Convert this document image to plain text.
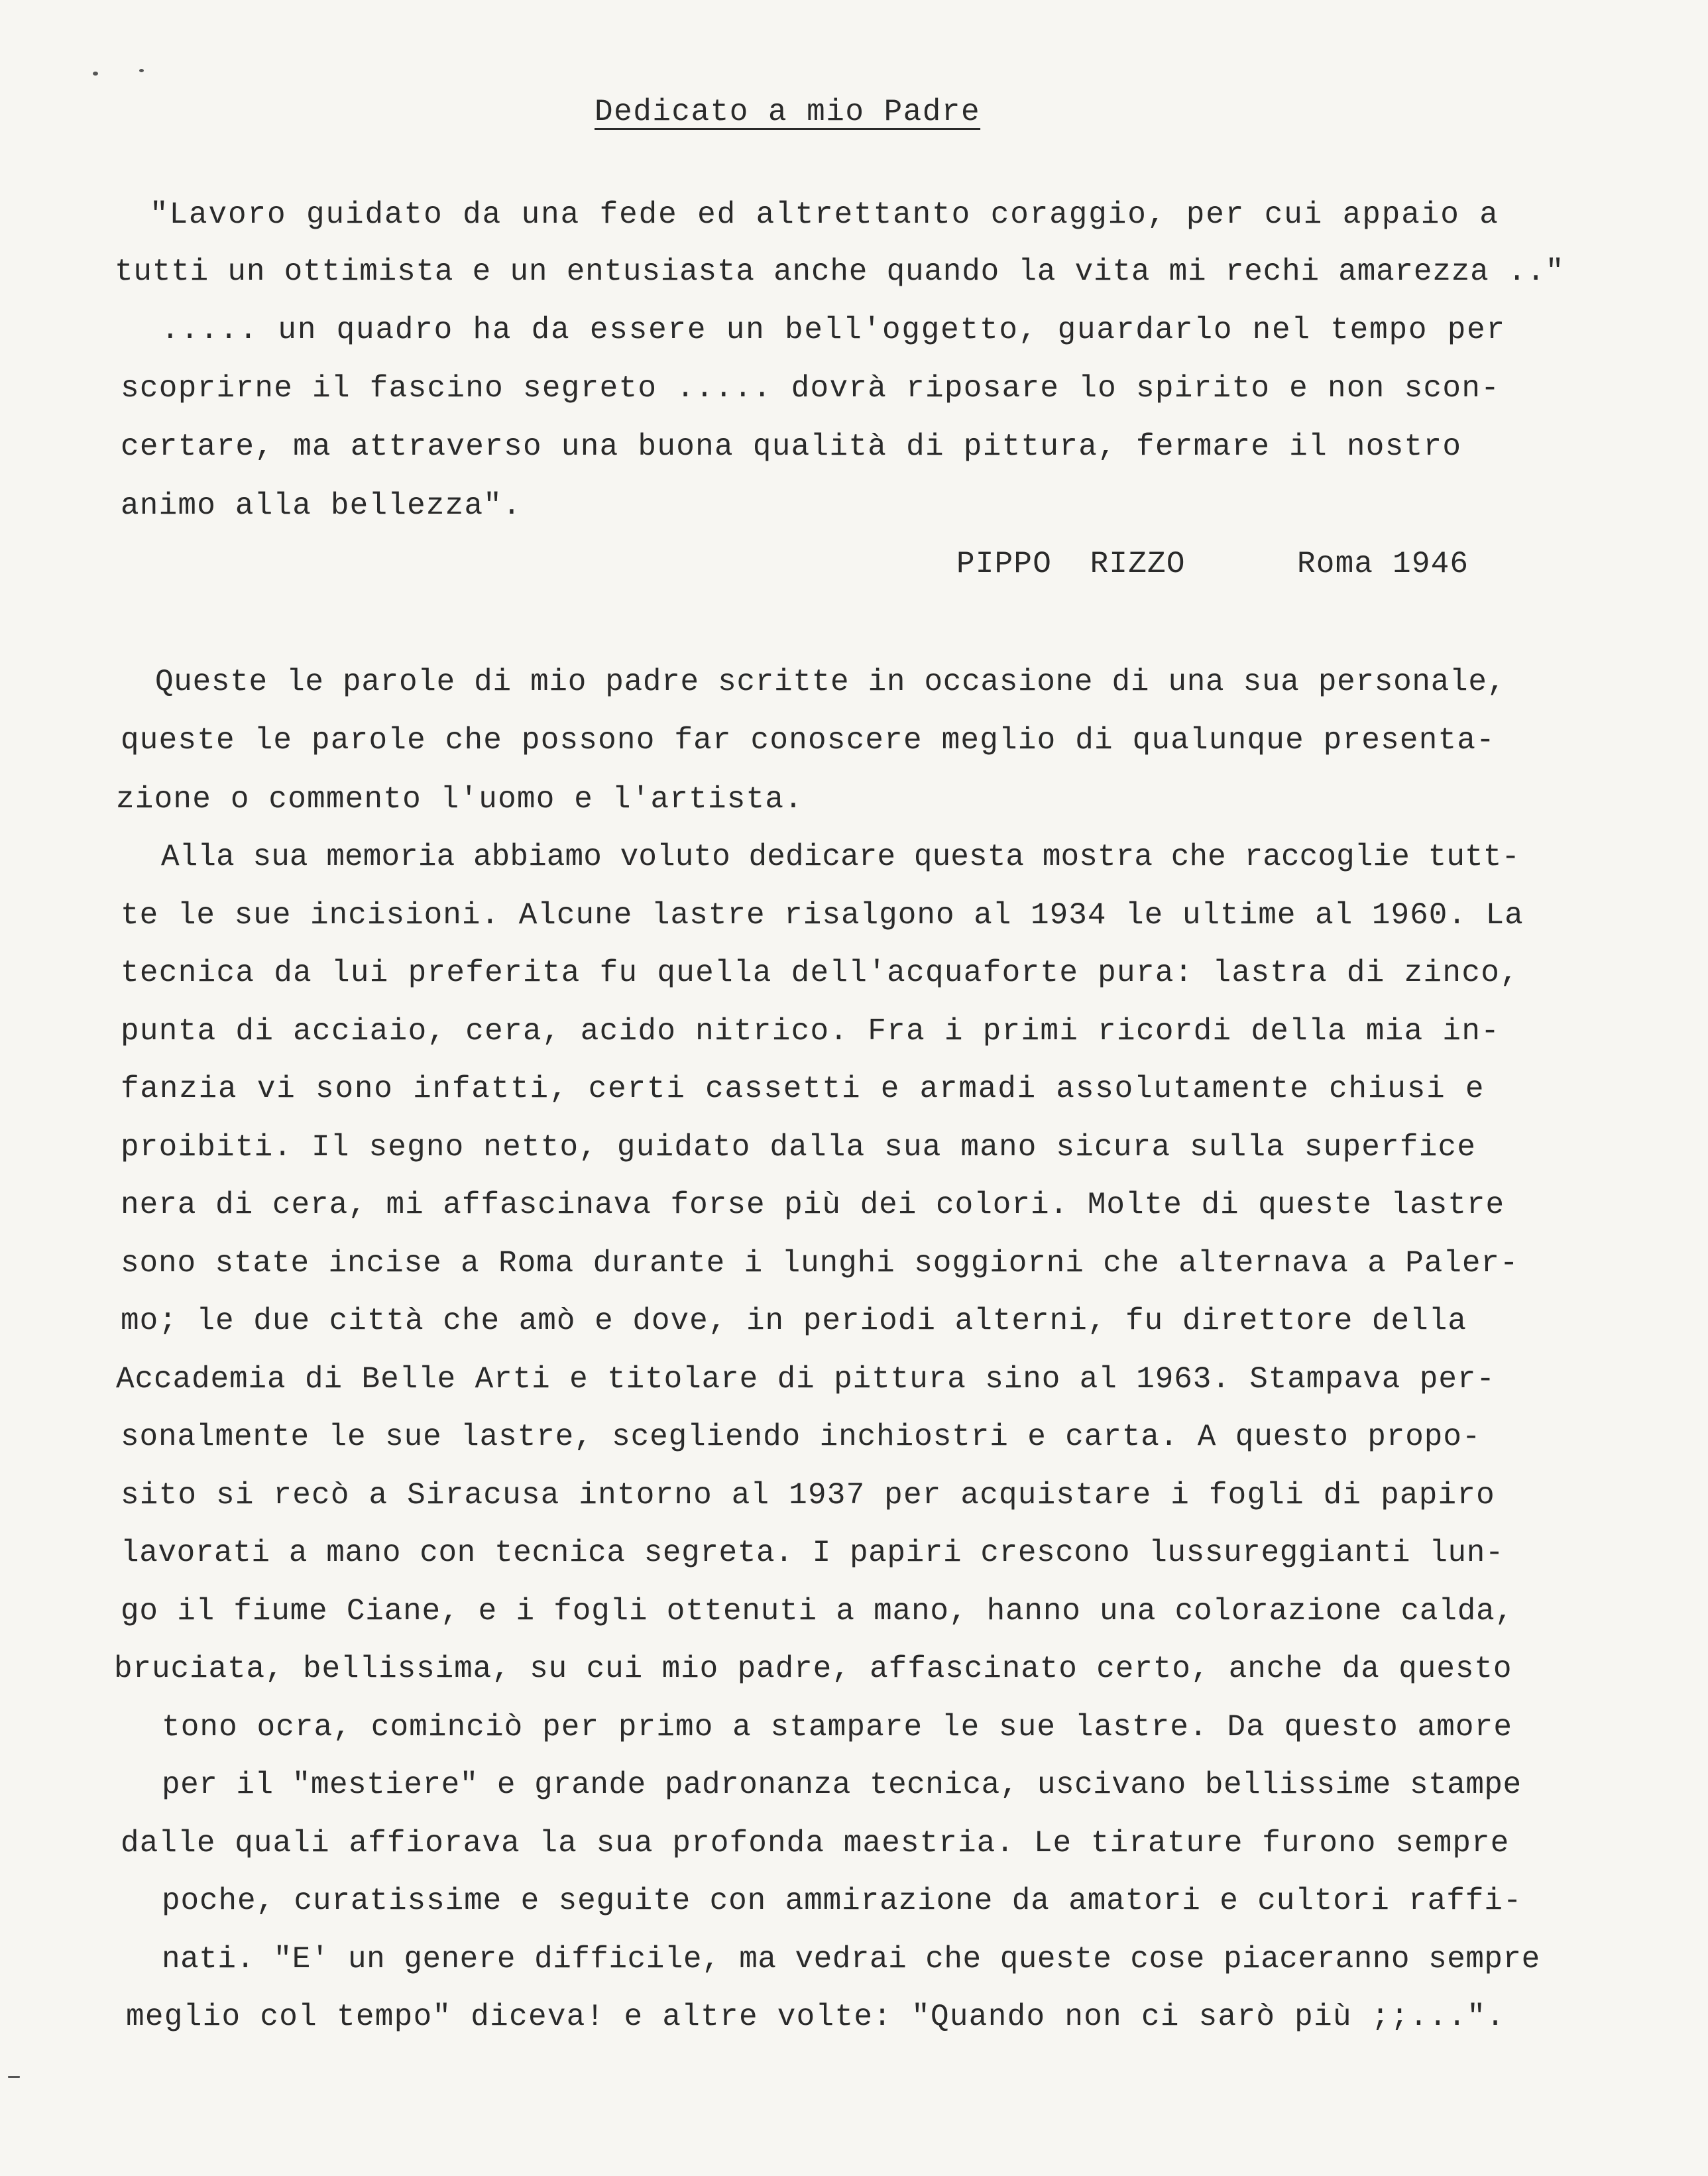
Dedicato a mio Padre
"Lavoro guidato da una fede ed altrettanto coraggio, per cui appaio a
tutti un ottimista e un entusiasta anche quando la vita mi rechi amarezza .."
..... un quadro ha da essere un bell'oggetto, guardarlo nel tempo per
scoprirne il fascino segreto ..... dovrà riposare lo spirito e non scon-
certare, ma attraverso una buona qualità di pittura, fermare il nostro
animo alla bellezza".
PIPPO  RIZZO	Roma 1946
Queste le parole di mio padre scritte in occasione di una sua personale,
queste le parole che possono far conoscere meglio di qualunque presenta-
zione o commento l'uomo e l'artista.
Alla sua memoria abbiamo voluto dedicare questa mostra che raccoglie tutt-
te le sue incisioni. Alcune lastre risalgono al 1934 le ultime al 1960. La
tecnica da lui preferita fu quella dell'acquaforte pura: lastra di zinco,
punta di acciaio, cera, acido nitrico. Fra i primi ricordi della mia in-
fanzia vi sono infatti, certi cassetti e armadi assolutamente chiusi e
proibiti. Il segno netto, guidato dalla sua mano sicura sulla superfice
nera di cera, mi affascinava forse più dei colori. Molte di queste lastre
sono state incise a Roma durante i lunghi soggiorni che alternava a Paler-
mo; le due città che amò e dove, in periodi alterni, fu direttore della
Accademia di Belle Arti e titolare di pittura sino al 1963. Stampava per-
sonalmente le sue lastre, scegliendo inchiostri e carta. A questo propo-
sito si recò a Siracusa intorno al 1937 per acquistare i fogli di papiro
lavorati a mano con tecnica segreta. I papiri crescono lussureggianti lun-
go il fiume Ciane, e i fogli ottenuti a mano, hanno una colorazione calda,
bruciata, bellissima, su cui mio padre, affascinato certo, anche da questo
tono ocra, cominciò per primo a stampare le sue lastre. Da questo amore
per il "mestiere" e grande padronanza tecnica, uscivano bellissime stampe
dalle quali affiorava la sua profonda maestria. Le tirature furono sempre
poche, curatissime e seguite con ammirazione da amatori e cultori raffi-
nati. "E' un genere difficile, ma vedrai che queste cose piaceranno sempre
meglio col tempo" diceva! e altre volte: "Quando non ci sarò più ;;...".
